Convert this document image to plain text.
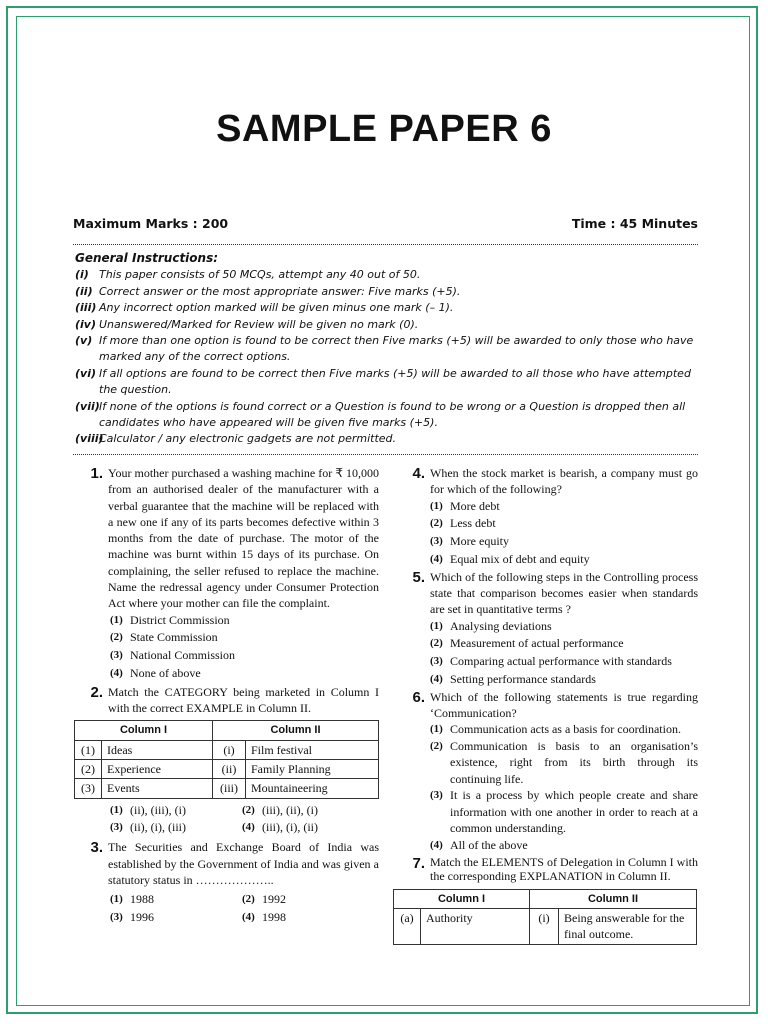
SAMPLE PAPER 6
Maximum Marks : 200	Time : 45 Minutes
General Instructions:
(i) This paper consists of 50 MCQs, attempt any 40 out of 50.
(ii) Correct answer or the most appropriate answer: Five marks (+5).
(iii) Any incorrect option marked will be given minus one mark (– 1).
(iv) Unanswered/Marked for Review will be given no mark (0).
(v) If more than one option is found to be correct then Five marks (+5) will be awarded to only those who have marked any of the correct options.
(vi) If all options are found to be correct then Five marks (+5) will be awarded to all those who have attempted the question.
(vii) If none of the options is found correct or a Question is found to be wrong or a Question is dropped then all candidates who have appeared will be given five marks (+5).
(viii)
Calculator / any electronic gadgets are not permitted.
1. Your mother purchased a washing machine for ₹ 10,000 from an authorised dealer of the manufacturer with a verbal guarantee that the machine will be replaced with a new one if any of its parts becomes defective within 3 months from the date of purchase. The motor of the machine was burnt within 15 days of its purchase. On complaining, the seller refused to replace the machine. Name the redressal agency under Consumer Protection Act where your mother can file the complaint.
(1) District Commission
(2) State Commission
(3) National Commission
(4) None of above
2. Match the CATEGORY being marketed in Column I with the correct EXAMPLE in Column II.
Column I		Column II	
(1)	Ideas	(i)	Film festival
(2)	Experience	(ii)	Family Planning
(3)	Events	(iii)	Mountaineering
(1) (ii), (iii), (i)	(2) (iii), (ii), (i)
(3) (ii), (i), (iii)	(4) (iii), (i), (ii)
3. The Securities and Exchange Board of India was established by the Government of India and was given a statutory status in ………………..
(1) 1988	(2) 1992
(3) 1996	(4) 1998
4. When the stock market is bearish, a company must go for which of the following?
(1) More debt
(2) Less debt
(3) More equity
(4) Equal mix of debt and equity
5. Which of the following steps in the Controlling process state that comparison becomes easier when standards are set in quantitative terms ?
(1) Analysing deviations
(2) Measurement of actual performance
(3) Comparing actual performance with standards
(4) Setting performance standards
6. Which of the following statements is true regarding ‘Communication?
(1) Communication acts as a basis for coordination.
(2) Communication is basis to an organisation’s existence, right from its birth through its continuing life.
(3) It is a process by which people create and share information with one another in order to reach at a common understanding.
(4) All of the above
7. Match the ELEMENTS of Delegation in Column I with the corresponding EXPLANATION in Column II.
Column I		Column II	
(a)	Authority	(i)	Being answerable for the final outcome.
